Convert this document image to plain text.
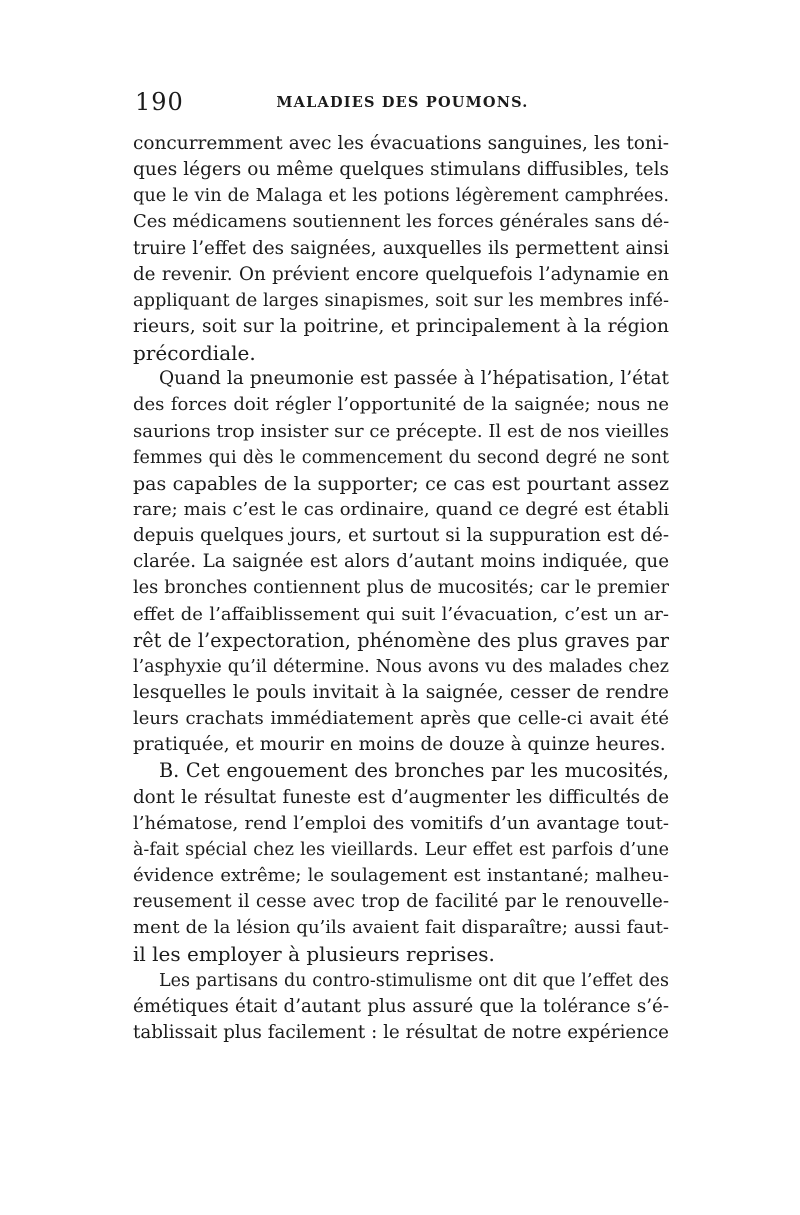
190	MALADIES DES POUMONS.
concurremment avec les évacuations sanguines, les toni-
ques légers ou même quelques stimulans diffusibles, tels
que le vin de Malaga et les potions légèrement camphrées.
Ces médicamens soutiennent les forces générales sans dé-
truire l’effet des saignées, auxquelles ils permettent ainsi
de revenir. On prévient encore quelquefois l’adynamie en
appliquant de larges sinapismes, soit sur les membres infé-
rieurs, soit sur la poitrine, et principalement à la région
précordiale.
Quand la pneumonie est passée à l’hépatisation, l’état
des forces doit régler l’opportunité de la saignée; nous ne
saurions trop insister sur ce précepte. Il est de nos vieilles
femmes qui dès le commencement du second degré ne sont
pas capables de la supporter; ce cas est pourtant assez
rare; mais c’est le cas ordinaire, quand ce degré est établi
depuis quelques jours, et surtout si la suppuration est dé-
clarée. La saignée est alors d’autant moins indiquée, que
les bronches contiennent plus de mucosités; car le premier
effet de l’affaiblissement qui suit l’évacuation, c’est un ar-
rêt de l’expectoration, phénomène des plus graves par
l’asphyxie qu’il détermine. Nous avons vu des malades chez
lesquelles le pouls invitait à la saignée, cesser de rendre
leurs crachats immédiatement après que celle-ci avait été
pratiquée, et mourir en moins de douze à quinze heures.
B. Cet engouement des bronches par les mucosités,
dont le résultat funeste est d’augmenter les difficultés de
l’hématose, rend l’emploi des vomitifs d’un avantage tout-
à-fait spécial chez les vieillards. Leur effet est parfois d’une
évidence extrême; le soulagement est instantané; malheu-
reusement il cesse avec trop de facilité par le renouvelle-
ment de la lésion qu’ils avaient fait disparaître; aussi faut-
il les employer à plusieurs reprises.
Les partisans du contro-stimulisme ont dit que l’effet des
émétiques était d’autant plus assuré que la tolérance s’é-
tablissait plus facilement : le résultat de notre expérience
